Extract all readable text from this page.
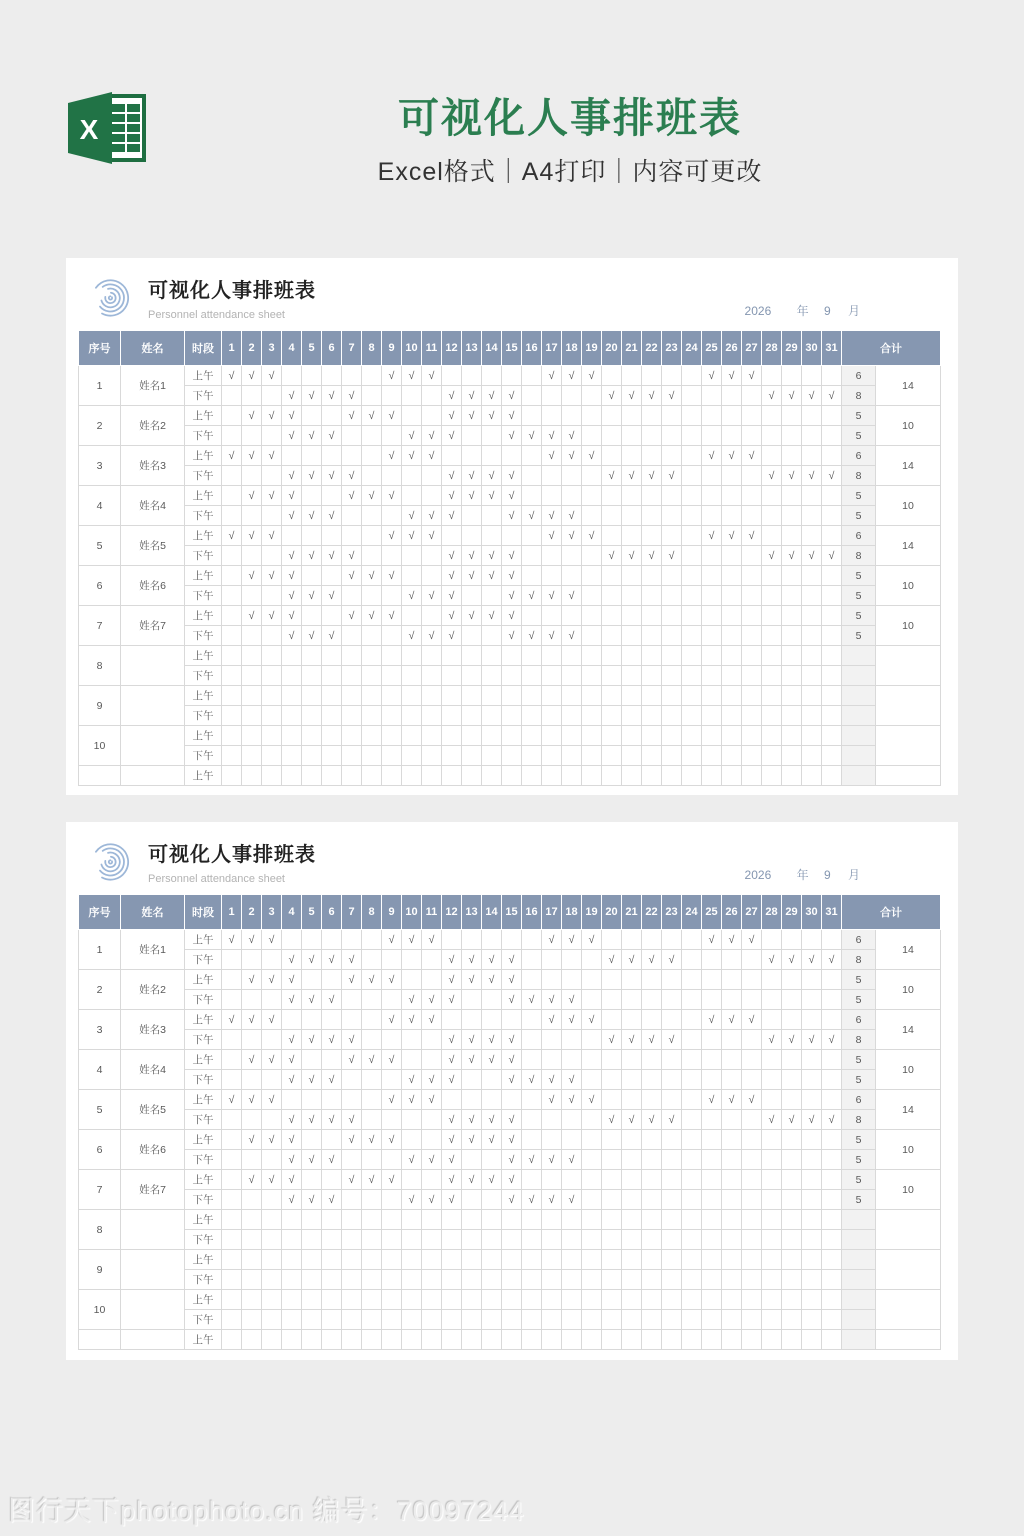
X	可视化人事排班表
Excel格式｜A4打印｜内容可更改
可视化人事排班表
Personnel attendance sheet	2026 年 9 月
序号	姓名	时段	1	2	3	4	5	6	7	8	9	10	11	12	13	14	15	16	17	18	19	20	21	22	23	24	25	26	27	28	29	30	31	合计	
1	姓名1	上午	√	√	√						√	√	√						√	√	√						√	√	√					6	14
		下午				√	√	√	√					√	√	√	√					√	√	√	√					√	√	√	√	8	
2	姓名2	上午		√	√	√			√	√	√			√	√	√	√																	5	10
		下午				√	√	√				√	√	√			√	√	√	√														5	
3	姓名3	上午	√	√	√						√	√	√						√	√	√						√	√	√					6	14
		下午				√	√	√	√					√	√	√	√					√	√	√	√					√	√	√	√	8	
4	姓名4	上午		√	√	√			√	√	√			√	√	√	√																	5	10
		下午				√	√	√				√	√	√			√	√	√	√														5	
5	姓名5	上午	√	√	√						√	√	√						√	√	√						√	√	√					6	14
		下午				√	√	√	√					√	√	√	√					√	√	√	√					√	√	√	√	8	
6	姓名6	上午		√	√	√			√	√	√			√	√	√	√																	5	10
		下午				√	√	√				√	√	√			√	√	√	√														5	
7	姓名7	上午		√	√	√			√	√	√			√	√	√	√																	5	10
		下午				√	√	√				√	√	√			√	√	√	√														5	
8		上午																																	
		下午																																	
9		上午																																	
		下午																																	
10		上午																																	
		下午																																	
		上午																																	
可视化人事排班表
Personnel attendance sheet	2026 年 9 月
序号	姓名	时段	1	2	3	4	5	6	7	8	9	10	11	12	13	14	15	16	17	18	19	20	21	22	23	24	25	26	27	28	29	30	31	合计	
1	姓名1	上午	√	√	√						√	√	√						√	√	√						√	√	√					6	14
		下午				√	√	√	√					√	√	√	√					√	√	√	√					√	√	√	√	8	
2	姓名2	上午		√	√	√			√	√	√			√	√	√	√																	5	10
		下午				√	√	√				√	√	√			√	√	√	√														5	
3	姓名3	上午	√	√	√						√	√	√						√	√	√						√	√	√					6	14
		下午				√	√	√	√					√	√	√	√					√	√	√	√					√	√	√	√	8	
4	姓名4	上午		√	√	√			√	√	√			√	√	√	√																	5	10
		下午				√	√	√				√	√	√			√	√	√	√														5	
5	姓名5	上午	√	√	√						√	√	√						√	√	√						√	√	√					6	14
		下午				√	√	√	√					√	√	√	√					√	√	√	√					√	√	√	√	8	
6	姓名6	上午		√	√	√			√	√	√			√	√	√	√																	5	10
		下午				√	√	√				√	√	√			√	√	√	√														5	
7	姓名7	上午		√	√	√			√	√	√			√	√	√	√																	5	10
		下午				√	√	√				√	√	√			√	√	√	√														5	
8		上午																																	
		下午																																	
9		上午																																	
		下午																																	
10		上午																																	
		下午																																	
		上午																																	
图行天下photophoto.cn 编号：70097244
